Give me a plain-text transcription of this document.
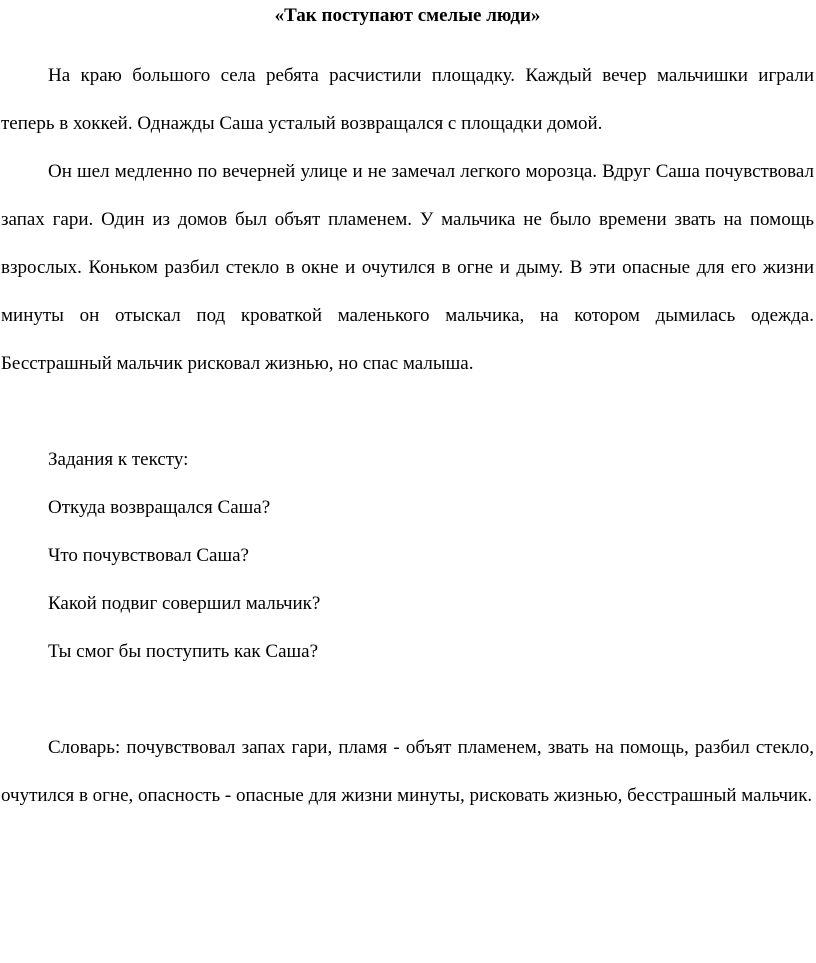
«Так поступают смелые люди»

На краю большого села ребята расчистили площадку. Каждый вечер мальчишки играли теперь в хоккей. Однажды Саша усталый возвращался с площадки домой.

Он шел медленно по вечерней улице и не замечал легкого морозца. Вдруг Саша почувствовал запах гари. Один из домов был объят пламенем. У мальчика не было времени звать на помощь взрослых. Коньком разбил стекло в окне и очутился в огне и дыму. В эти опасные для его жизни минуты он отыскал под кроваткой маленького мальчика, на котором дымилась одежда. Бесстрашный мальчик рисковал жизнью, но спас малыша.

Задания к тексту:

Откуда возвращался Саша?

Что почувствовал Саша?

Какой подвиг совершил мальчик?

Ты смог бы поступить как Саша?

Словарь: почувствовал запах гари, пламя - объят пламенем, звать на помощь, разбил стекло, очутился в огне, опасность - опасные для жизни минуты, рисковать жизнью, бесстрашный мальчик.
